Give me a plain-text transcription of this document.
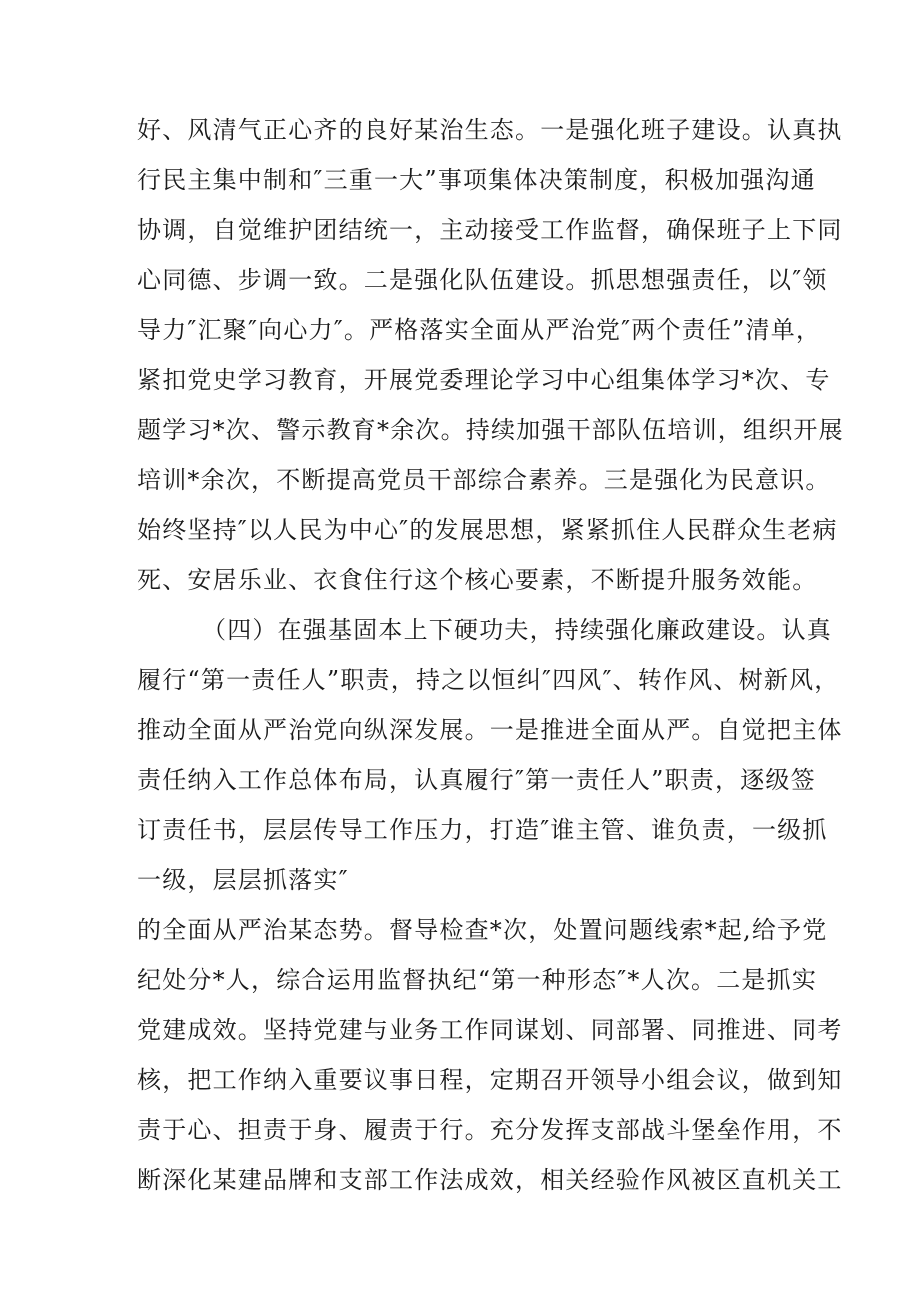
好、风清气正心齐的良好某治生态。一是强化班子建设。认真执
行民主集中制和″三重一大”事项集体决策制度，积极加强沟通
协调，自觉维护团结统一，主动接受工作监督，确保班子上下同
心同德、步调一致。二是强化队伍建设。抓思想强责任，以″领
导力″汇聚″向心力″。严格落实全面从严治党″两个责任”清单，
紧扣党史学习教育，开展党委理论学习中心组集体学习*次、专
题学习*次、警示教育*余次。持续加强干部队伍培训，组织开展
培训*余次，不断提高党员干部综合素养。三是强化为民意识。
始终坚持″以人民为中心″的发展思想，紧紧抓住人民群众生老病
死、安居乐业、衣食住行这个核心要素，不断提升服务效能。
（四）在强基固本上下硬功夫，持续强化廉政建设。认真
履行“第一责任人”职责，持之以恒纠″四风″、转作风、树新风，
推动全面从严治党向纵深发展。一是推进全面从严。自觉把主体
责任纳入工作总体布局，认真履行″第一责任人”职责，逐级签
订责任书，层层传导工作压力，打造″谁主管、谁负责，一级抓
一级，层层抓落实″
的全面从严治某态势。督导检查*次，处置问题线索*起,给予党
纪处分*人，综合运用监督执纪“第一种形态″*人次。二是抓实
党建成效。坚持党建与业务工作同谋划、同部署、同推进、同考
核，把工作纳入重要议事日程，定期召开领导小组会议，做到知
责于心、担责于身、履责于行。充分发挥支部战斗堡垒作用，不
断深化某建品牌和支部工作法成效，相关经验作风被区直机关工
